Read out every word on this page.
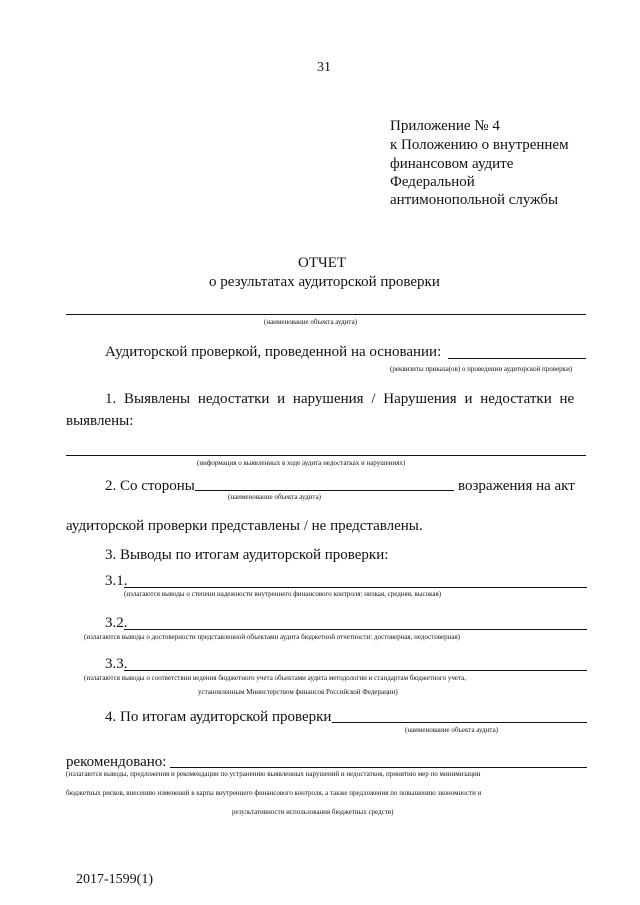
31
Приложение № 4
к Положению о внутреннем
финансовом аудите
Федеральной
антимонопольной службы
ОТЧЕТ
о результатах аудиторской проверки
(наименование объекта аудита)
Аудиторской проверкой, проведенной на основании:
(реквизиты приказа(ов) о проведении аудиторской проверки)
1. Выявлены недостатки и нарушения / Нарушения и недостатки не
выявлены:
(информация о выявленных в ходе аудита недостатках и нарушениях)
2. Со стороны	возражения на акт
(наименование объекта аудита)
аудиторской проверки представлены / не представлены.
3. Выводы по итогам аудиторской проверки:
3.1.
(излагаются выводы о степени надежности внутреннего финансового контроля: низкая, средняя, высокая)
3.2.
(излагаются выводы о достоверности представленной объектами аудита бюджетной отчетности: достоверная, недостоверная)
3.3.
(излагаются выводы о соответствии ведения бюджетного учета объектами аудита методологии и стандартам бюджетного учета,
установленным Министерством финансов Российской Федерации)
4. По итогам аудиторской проверки
(наименование объекта аудита)
рекомендовано:
(излагаются выводы, предложения и рекомендации по устранению выявленных нарушений и недостатков, принятию мер по минимизации
бюджетных рисков, внесению изменений в карты внутреннего финансового контроля, а также предложения по повышению экономности и
результативности использования бюджетных средств)
2017-1599(1)
